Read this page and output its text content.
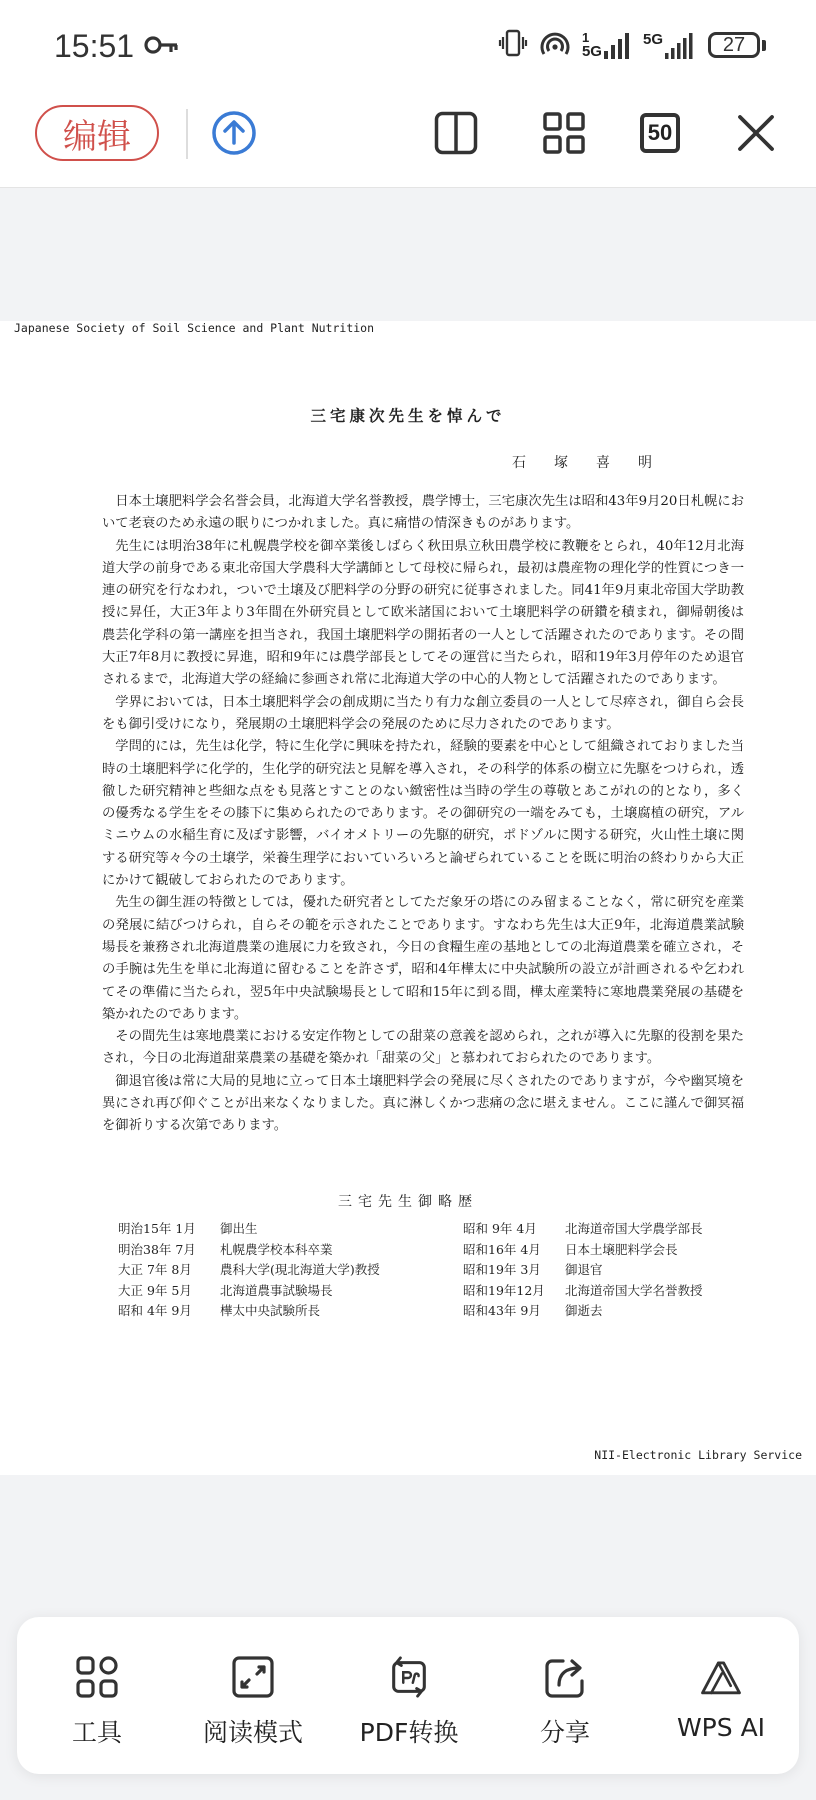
15:51	1
5G
5G	27
编辑	50
Japanese Society of Soil Science and Plant Nutrition
三宅康次先生を悼んで
石塚喜明

日本土壌肥料学会名誉会員，北海道大学名誉教授，農学博士，三宅康次先生は昭和43年9月20日札幌において老衰のため永遠の眠りにつかれました。真に痛惜の情深きものがあります。

先生には明治38年に札幌農学校を御卒業後しばらく秋田県立秋田農学校に教鞭をとられ，40年12月北海道大学の前身である東北帝国大学農科大学講師として母校に帰られ，最初は農産物の理化学的性質につき一連の研究を行なわれ，ついで土壌及び肥料学の分野の研究に従事されました。同41年9月東北帝国大学助教授に昇任，大正3年より3年間在外研究員として欧米諸国において土壌肥料学の研鑽を積まれ，御帰朝後は農芸化学科の第一講座を担当され，我国土壌肥料学の開拓者の一人として活躍されたのであります。その間大正7年8月に教授に昇進，昭和9年には農学部長としてその運営に当たられ，昭和19年3月停年のため退官されるまで，北海道大学の経綸に参画され常に北海道大学の中心的人物として活躍されたのであります。

学界においては，日本土壌肥料学会の創成期に当たり有力な創立委員の一人として尽瘁され，御自ら会長をも御引受けになり，発展期の土壌肥料学会の発展のために尽力されたのであります。

学問的には，先生は化学，特に生化学に興味を持たれ，経験的要素を中心として組織されておりました当時の土壌肥料学に化学的，生化学的研究法と見解を導入され，その科学的体系の樹立に先駆をつけられ，透徹した研究精神と些細な点をも見落とすことのない緻密性は当時の学生の尊敬とあこがれの的となり，多くの優秀なる学生をその膝下に集められたのであります。その御研究の一端をみても，土壌腐植の研究，アルミニウムの水稲生育に及ぼす影響，バイオメトリーの先駆的研究，ポドゾルに関する研究，火山性土壌に関する研究等々今の土壌学，栄養生理学においていろいろと論ぜられていることを既に明治の終わりから大正にかけて観破しておられたのであります。

先生の御生涯の特徴としては，優れた研究者としてただ象牙の塔にのみ留まることなく，常に研究を産業の発展に結びつけられ，自らその範を示されたことであります。すなわち先生は大正9年，北海道農業試験場長を兼務され北海道農業の進展に力を致され，今日の食糧生産の基地としての北海道農業を確立され，その手腕は先生を単に北海道に留むることを許さず，昭和4年樺太に中央試験所の設立が計画されるや乞われてその準備に当たられ，翌5年中央試験場長として昭和15年に到る間，樺太産業特に寒地農業発展の基礎を築かれたのであります。

その間先生は寒地農業における安定作物としての甜菜の意義を認められ，之れが導入に先駆的役割を果たされ，今日の北海道甜菜農業の基礎を築かれ「甜菜の父」と慕われておられたのであります。

御退官後は常に大局的見地に立って日本土壌肥料学会の発展に尽くされたのでありますが，今や幽冥境を異にされ再び仰ぐことが出来なくなりました。真に淋しくかつ悲痛の念に堪えません。ここに謹んで御冥福を御祈りする次第であります。

三宅先生御略歴
明治15年 1月	御出生
明治38年 7月	札幌農学校本科卒業
大正 7年 8月	農科大学(現北海道大学)教授
大正 9年 5月	北海道農事試験場長
昭和 4年 9月	樺太中央試験所長
昭和 9年 4月	北海道帝国大学農学部長
昭和16年 4月	日本土壌肥料学会長
昭和19年 3月	御退官
昭和19年12月	北海道帝国大学名誉教授
昭和43年 9月	御逝去
NII-Electronic Library Service
工具	阅读模式 PDF转换	分享	WPS AI
